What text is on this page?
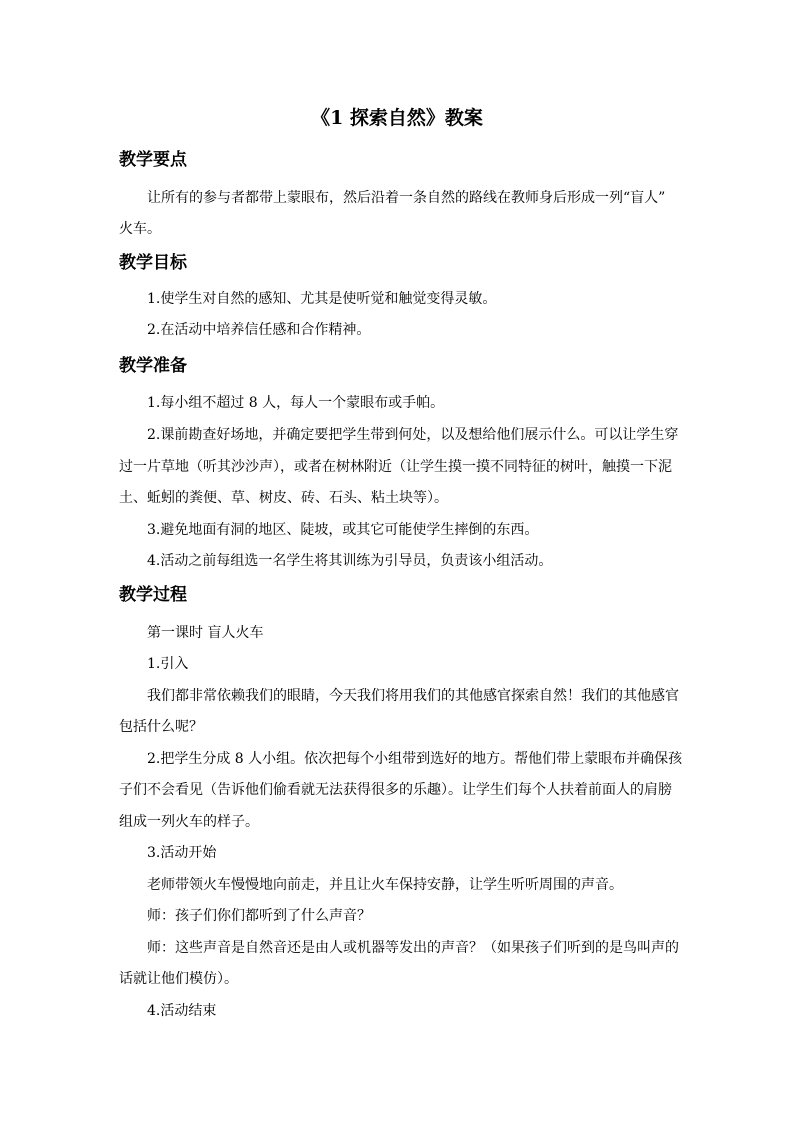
《1 探索自然》教案
教学要点
让所有的参与者都带上蒙眼布，然后沿着一条自然的路线在教师身后形成一列“盲人”
火车。
教学目标
1.使学生对自然的感知、尤其是使听觉和触觉变得灵敏。
2.在活动中培养信任感和合作精神。
教学准备
1.每小组不超过 8 人，每人一个蒙眼布或手帕。
2.课前勘查好场地，并确定要把学生带到何处，以及想给他们展示什么。可以让学生穿
过一片草地（听其沙沙声），或者在树林附近（让学生摸一摸不同特征的树叶，触摸一下泥
土、蚯蚓的粪便、草、树皮、砖、石头、粘土块等）。
3.避免地面有洞的地区、陡坡，或其它可能使学生摔倒的东西。
4.活动之前每组选一名学生将其训练为引导员，负责该小组活动。
教学过程
第一课时 盲人火车
1.引入
我们都非常依赖我们的眼睛，今天我们将用我们的其他感官探索自然！我们的其他感官
包括什么呢？
2.把学生分成 8 人小组。依次把每个小组带到选好的地方。帮他们带上蒙眼布并确保孩
子们不会看见（告诉他们偷看就无法获得很多的乐趣）。让学生们每个人扶着前面人的肩膀
组成一列火车的样子。
3.活动开始
老师带领火车慢慢地向前走，并且让火车保持安静，让学生听听周围的声音。
师：孩子们你们都听到了什么声音？
师：这些声音是自然音还是由人或机器等发出的声音？（如果孩子们听到的是鸟叫声的
话就让他们模仿）。
4.活动结束
